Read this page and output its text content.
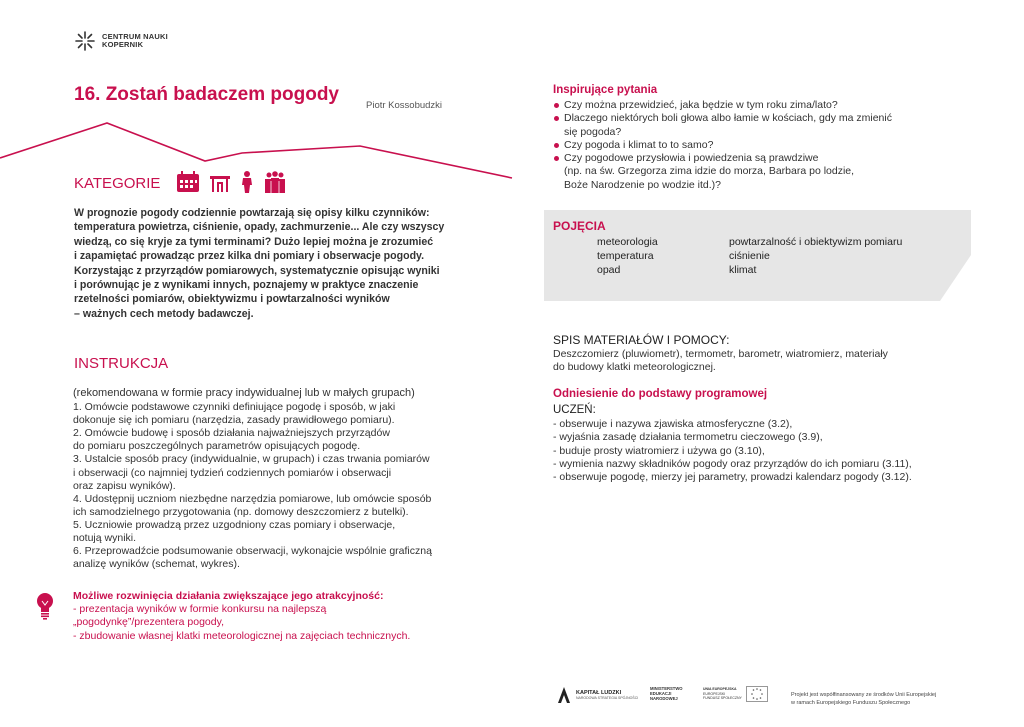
CENTRUM NAUKI
KOPERNIK
16. Zostań badaczem pogody
Piotr Kossobudzki
KATEGORIE
W prognozie pogody codziennie powtarzają się opisy kilku czynników:
temperatura powietrza, ciśnienie, opady, zachmurzenie... Ale czy wszyscy
wiedzą, co się kryje za tymi terminami? Dużo lepiej można je zrozumieć
i zapamiętać prowadząc przez kilka dni pomiary i obserwacje pogody.
Korzystając z przyrządów pomiarowych, systematycznie opisując wyniki
i porównując je z wynikami innych, poznajemy w praktyce znaczenie
rzetelności pomiarów, obiektywizmu i powtarzalności wyników
– ważnych cech metody badawczej.
INSTRUKCJA
(rekomendowana w formie pracy indywidualnej lub w małych grupach)
1. Omówcie podstawowe czynniki definiujące pogodę i sposób, w jaki
dokonuje się ich pomiaru (narzędzia, zasady prawidłowego pomiaru).
2. Omówcie budowę i sposób działania najważniejszych przyrządów
do pomiaru poszczególnych parametrów opisujących pogodę.
3. Ustalcie sposób pracy (indywidualnie, w grupach) i czas trwania pomiarów
i obserwacji (co najmniej tydzień codziennych pomiarów i obserwacji
oraz zapisu wyników).
4. Udostępnij uczniom niezbędne narzędzia pomiarowe, lub omówcie sposób
ich samodzielnego przygotowania (np. domowy deszczomierz z butelki).
5. Uczniowie prowadzą przez uzgodniony czas pomiary i obserwacje,
notują wyniki.
6. Przeprowadźcie podsumowanie obserwacji, wykonajcie wspólnie graficzną
analizę wyników (schemat, wykres).
Możliwe rozwinięcia działania zwiększające jego atrakcyjność:
- prezentacja wyników w formie konkursu na najlepszą
„pogodynkę”/prezentera pogody,
- zbudowanie własnej klatki meteorologicznej na zajęciach technicznych.
Inspirujące pytania
Czy można przewidzieć, jaka będzie w tym roku zima/lato?
Dlaczego niektórych boli głowa albo łamie w kościach, gdy ma zmienić
się pogoda?
Czy pogoda i klimat to to samo?
Czy pogodowe przysłowia i powiedzenia są prawdziwe
(np. na św. Grzegorza zima idzie do morza, Barbara po lodzie,
Boże Narodzenie po wodzie itd.)?
POJĘCIA
meteorologia
temperatura
opad
powtarzalność i obiektywizm pomiaru
ciśnienie
klimat
SPIS MATERIAŁÓW I POMOCY:
Deszczomierz (pluwiometr), termometr, barometr, wiatromierz, materiały
do budowy klatki meteorologicznej.
Odniesienie do podstawy programowej
UCZEŃ:
- obserwuje i nazywa zjawiska atmosferyczne (3.2),
- wyjaśnia zasadę działania termometru cieczowego (3.9),
- buduje prosty wiatromierz i używa go (3.10),
- wymienia nazwy składników pogody oraz przyrządów do ich pomiaru (3.11),
- obserwuje pogodę, mierzy jej parametry, prowadzi kalendarz pogody (3.12).
KAPITAŁ LUDZKI
NARODOWA STRATEGIA SPÓJNOŚCI
MINISTERSTWO
EDUKACJI
NARODOWEJ
UNIA EUROPEJSKA
EUROPEJSKI
FUNDUSZ SPOŁECZNY
Projekt jest współfinansowany ze środków Unii Europejskiej
w ramach Europejskiego Funduszu Społecznego
